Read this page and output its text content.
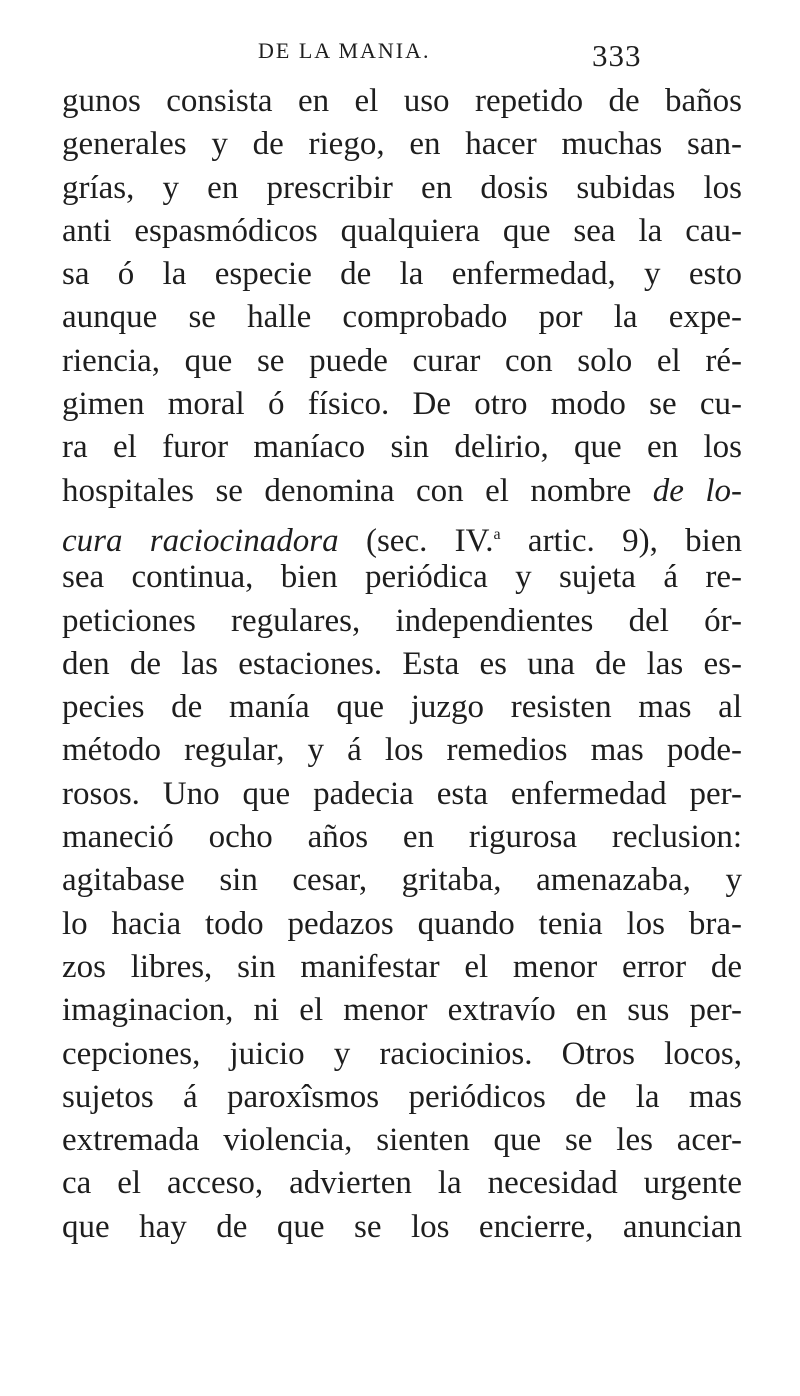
DE LA MANIA.	333
gunos consista en el uso repetido de baños
generales y de riego, en hacer muchas san-
grías, y en prescribir en dosis subidas los
anti espasmódicos qualquiera que sea la cau-
sa ó la especie de la enfermedad, y esto
aunque se halle comprobado por la expe-
riencia, que se puede curar con solo el ré-
gimen moral ó físico. De otro modo se cu-
ra el furor maníaco sin delirio, que en los
hospitales se denomina con el nombre de lo-
cura raciocinadora (sec. IV.$^a$ artic. 9), bien
sea continua, bien periódica y sujeta á re-
peticiones regulares, independientes del ór-
den de las estaciones. Esta es una de las es-
pecies de manía que juzgo resisten mas al
método regular, y á los remedios mas pode-
rosos. Uno que padecia esta enfermedad per-
maneció ocho años en rigurosa reclusion:
agitabase sin cesar, gritaba, amenazaba, y
lo hacia todo pedazos quando tenia los bra-
zos libres, sin manifestar el menor error de
imaginacion, ni el menor extravío en sus per-
cepciones, juicio y raciocinios. Otros locos,
sujetos á paroxîsmos periódicos de la mas
extremada violencia, sienten que se les acer-
ca el acceso, advierten la necesidad urgente
que hay de que se los encierre, anuncian
